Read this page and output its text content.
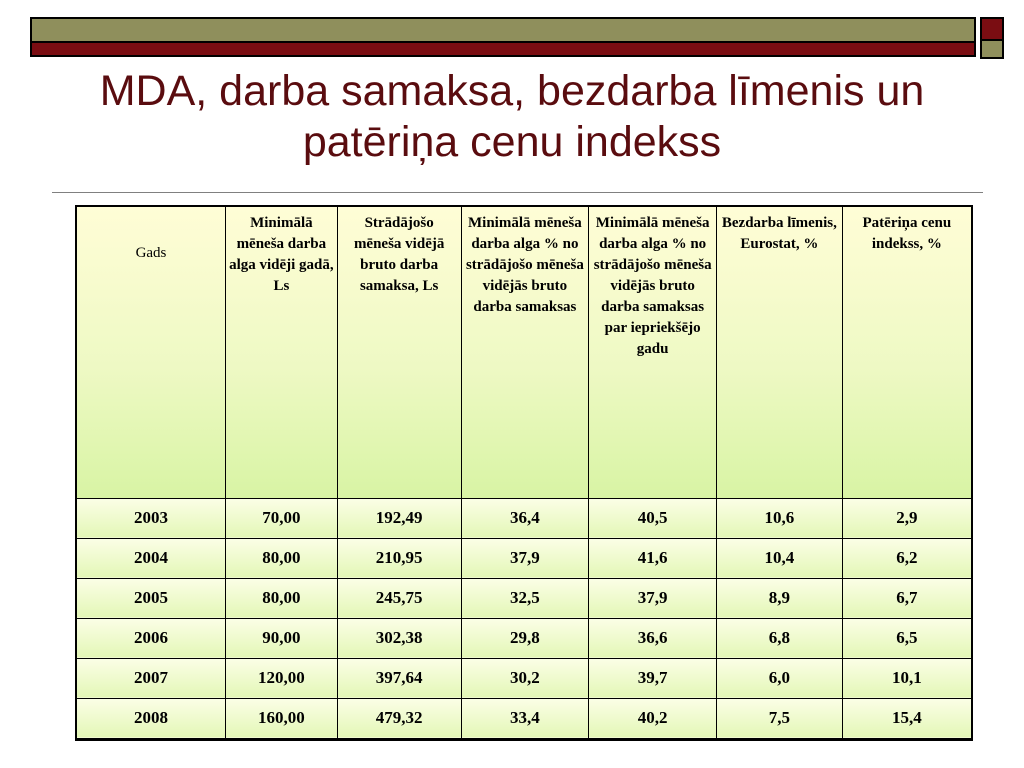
MDA, darba samaksa, bezdarba līmenis un patēriņa cenu indekss
Gads	Minimālā mēneša darba alga vidēji gadā, Ls	Strādājošo mēneša vidējā bruto darba samaksa, Ls	Minimālā mēneša darba alga % no strādājošo mēneša vidējās bruto darba samaksas	Minimālā mēneša darba alga % no strādājošo mēneša vidējās bruto darba samaksas par iepriekšējo gadu	Bezdarba līmenis, Eurostat, %	Patēriņa cenu indekss, %
2003	70,00	192,49	36,4	40,5	10,6	2,9
2004	80,00	210,95	37,9	41,6	10,4	6,2
2005	80,00	245,75	32,5	37,9	8,9	6,7
2006	90,00	302,38	29,8	36,6	6,8	6,5
2007	120,00	397,64	30,2	39,7	6,0	10,1
2008	160,00	479,32	33,4	40,2	7,5	15,4
